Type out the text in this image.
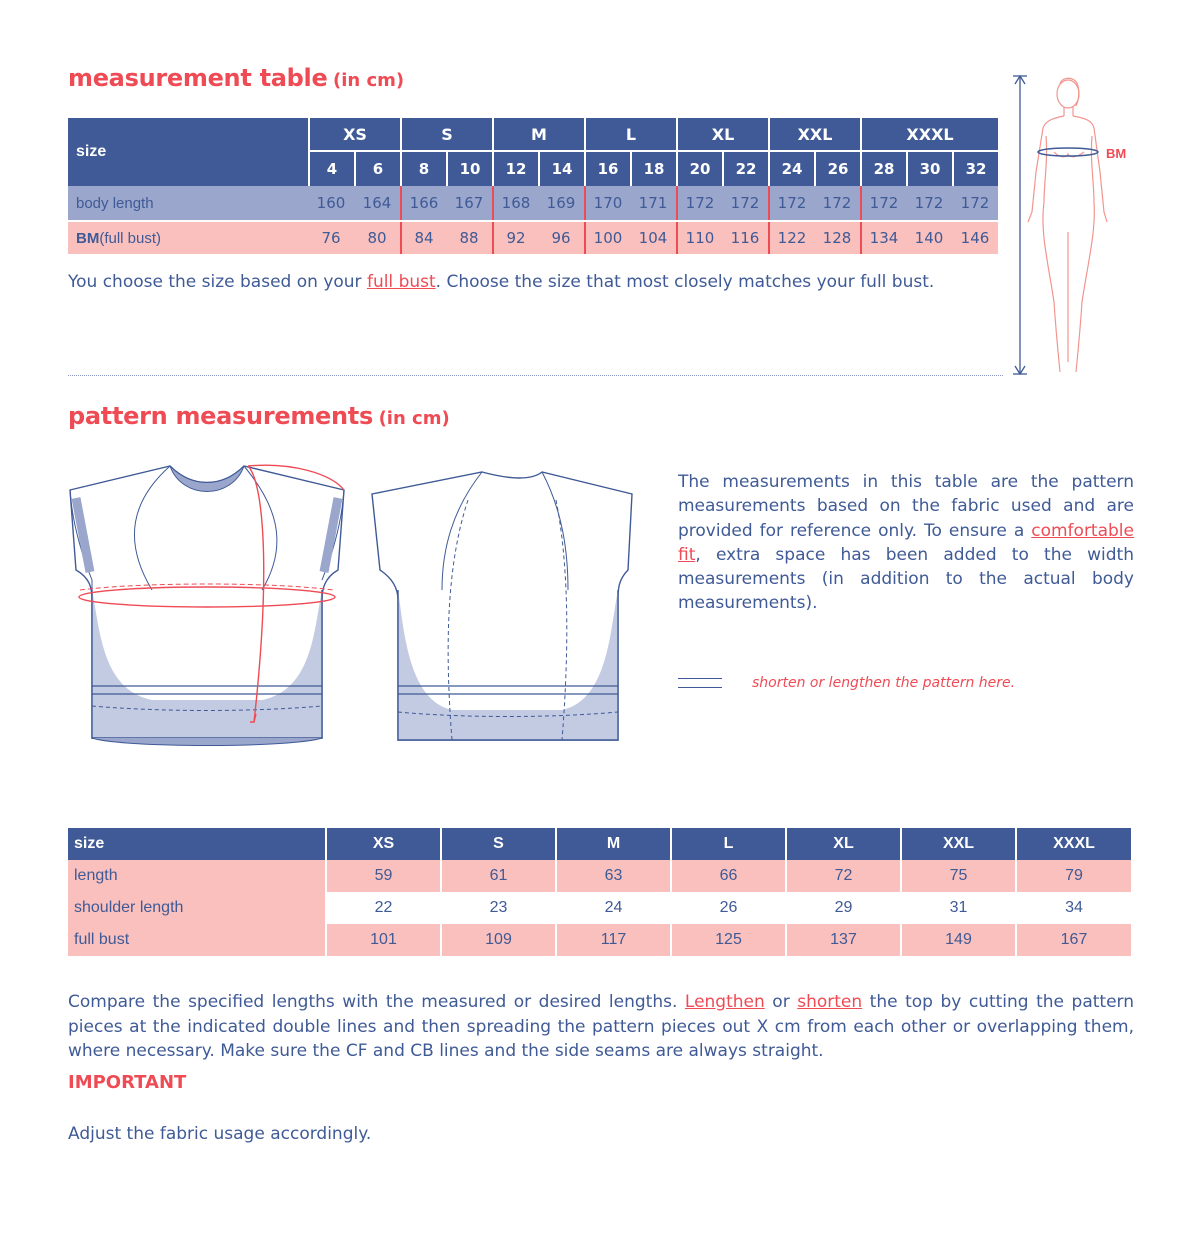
measurement table (in cm)
size
XS	S	M	L	XL	XXL	XXXL
4	6	8	10	12	14	16	18	20	22	24	26	28	30	32
body length	160	164	166	167	168	169	170	171	172	172	172	172	172	172	172
BM (full bust)	76	80	84	88	92	96	100	104	110	116	122	128	134	140	146
You choose the size based on your full bust. Choose the size that most closely matches your full bust.
BM
pattern measurements (in cm)
The measurements in this table are the pattern measurements based on the fabric used and are provided for reference only. To ensure a comfortable fit, extra space has been added to the width measurements (in addition to the actual body measurements).
shorten or lengthen the pattern here.
size	XS	S	M	L	XL	XXL	XXXL
length	59	61	63	66	72	75	79
shoulder length	22	23	24	26	29	31	34
full bust	101	109	117	125	137	149	167
Compare the specified lengths with the measured or desired lengths. Lengthen or shorten the top by cutting the pattern pieces at the indicated double lines and then spreading the pattern pieces out X cm from each other or overlapping them, where necessary. Make sure the CF and CB lines and the side seams are always straight.
IMPORTANT
Adjust the fabric usage accordingly.
